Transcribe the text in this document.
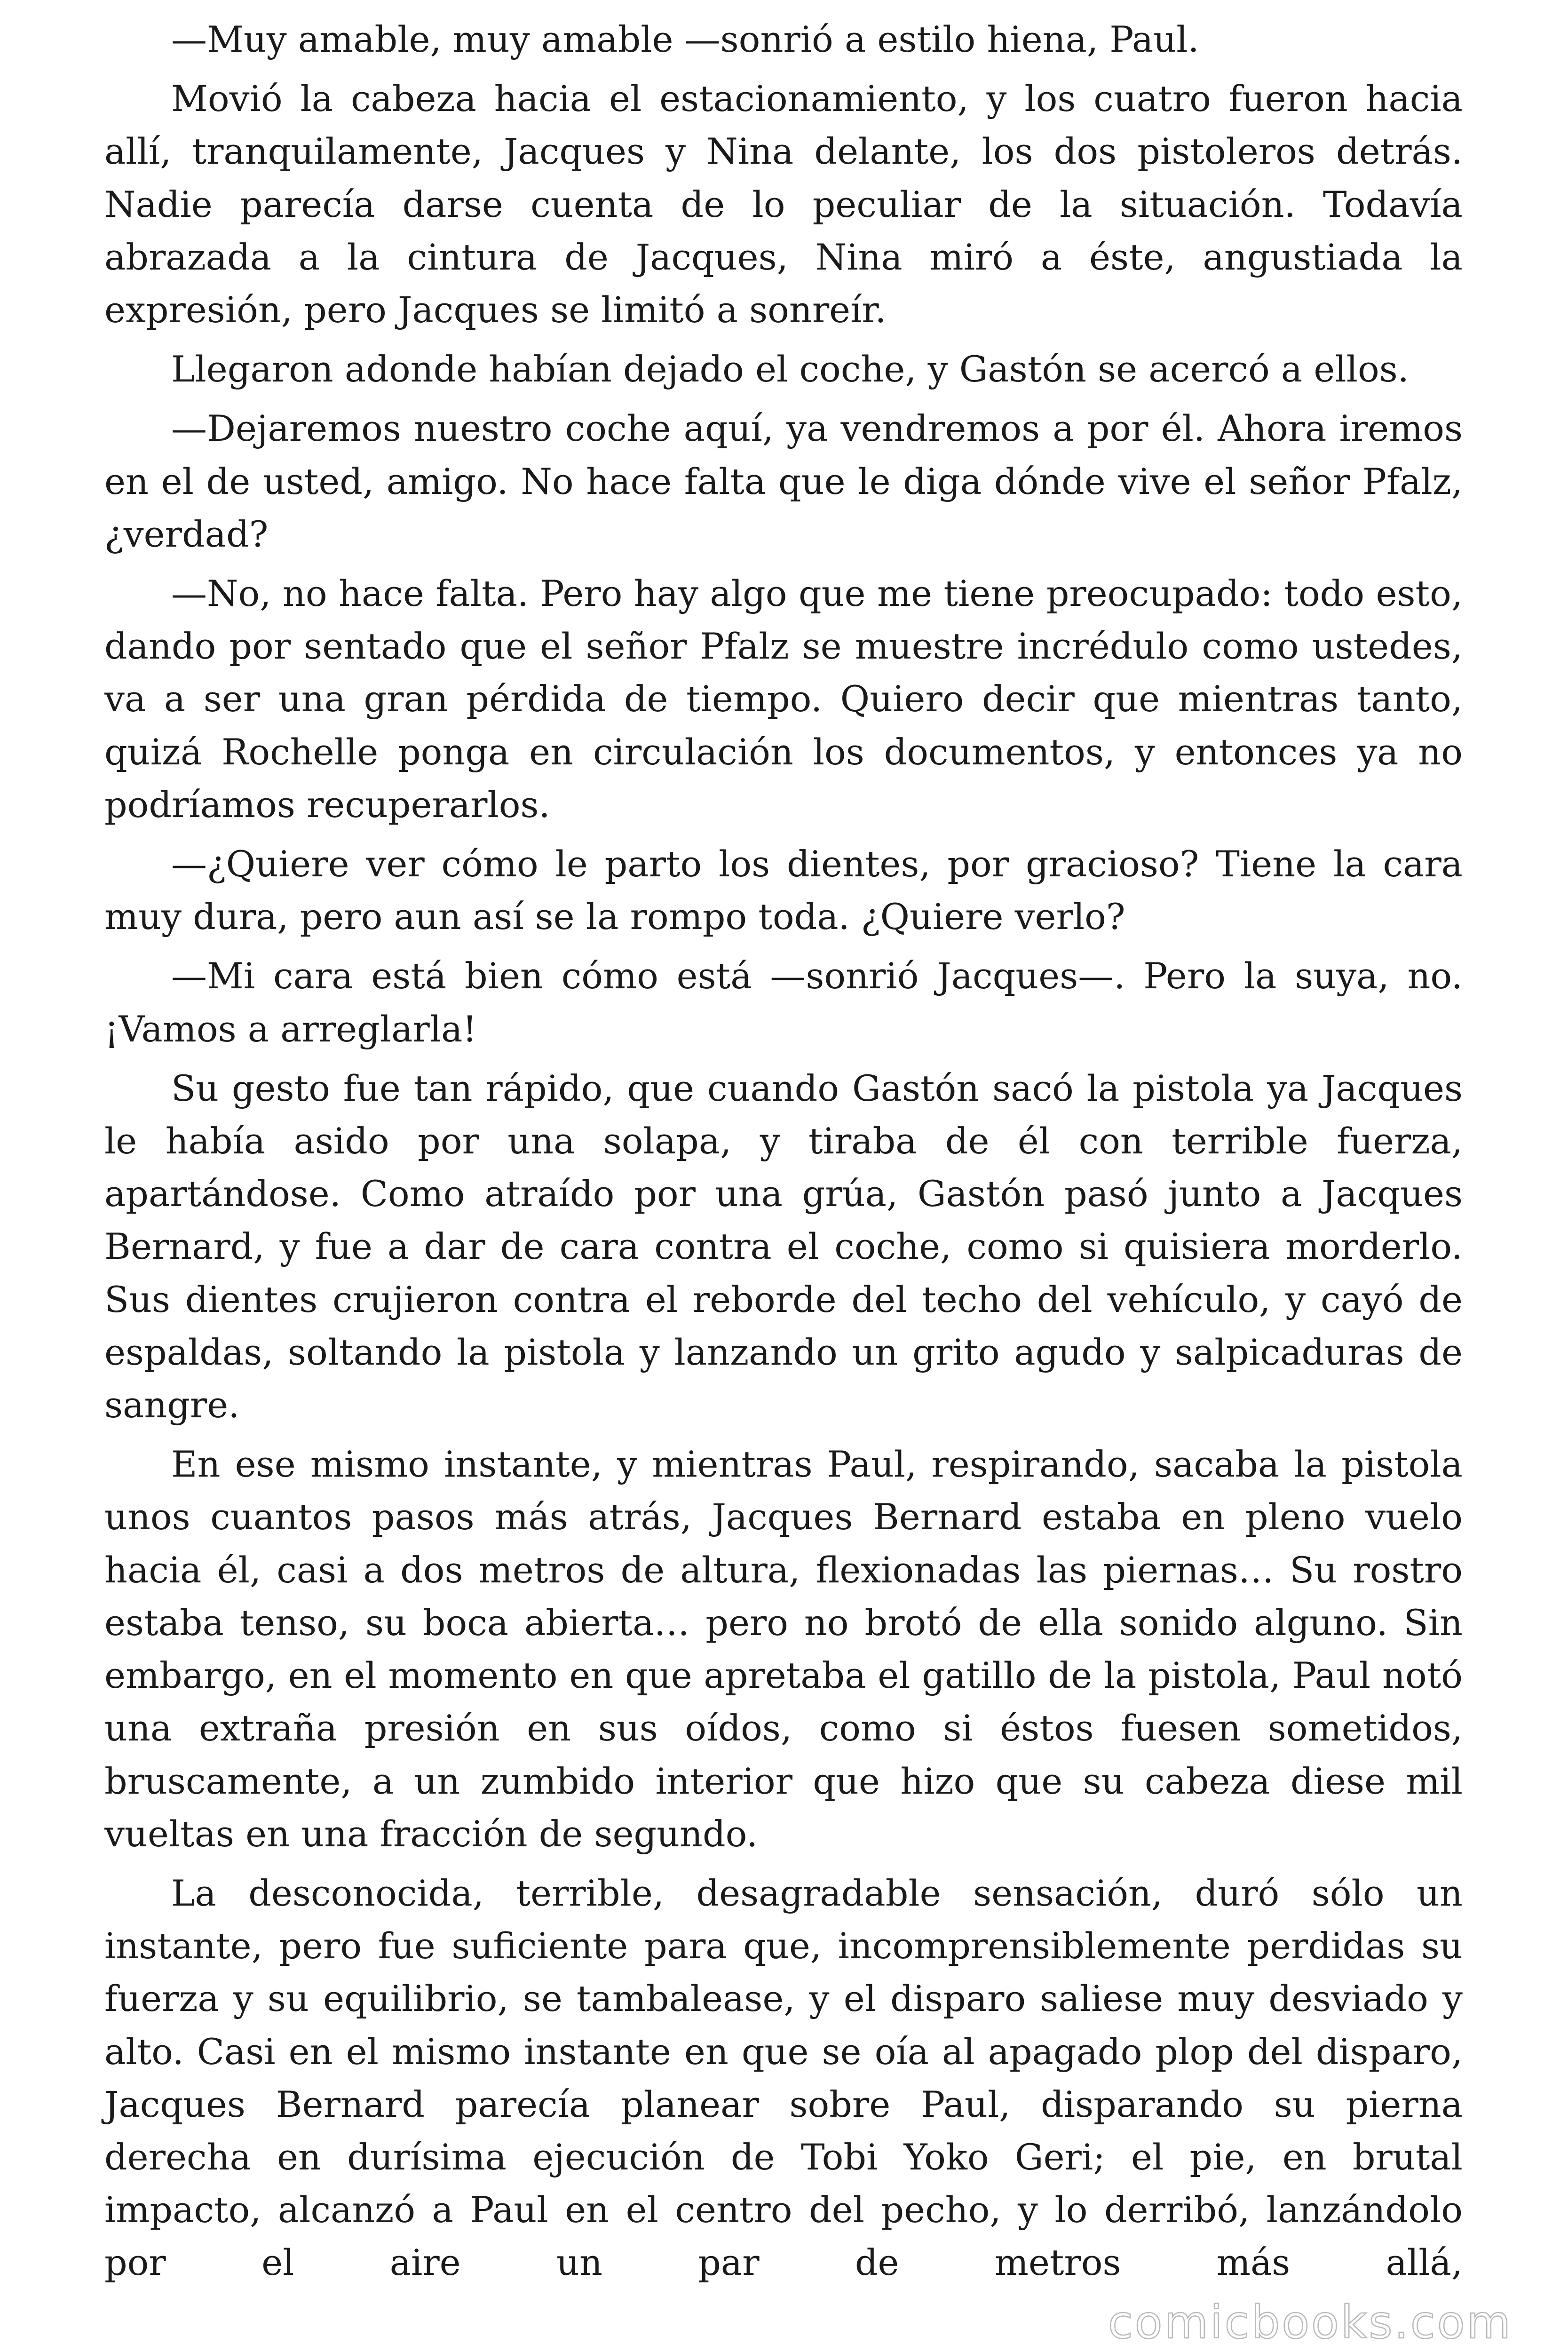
—Muy amable, muy amable —sonrió a estilo hiena, Paul.

Movió la cabeza hacia el estacionamiento, y los cuatro fueron hacia allí, tranquilamente, Jacques y Nina delante, los dos pistoleros detrás. Nadie parecía darse cuenta de lo peculiar de la situación. Todavía abrazada a la cintura de Jacques, Nina miró a éste, angustiada la expresión, pero Jacques se limitó a sonreír.

Llegaron adonde habían dejado el coche, y Gastón se acercó a ellos.

—Dejaremos nuestro coche aquí, ya vendremos a por él. Ahora iremos en el de usted, amigo. No hace falta que le diga dónde vive el señor Pfalz, ¿verdad?

—No, no hace falta. Pero hay algo que me tiene preocupado: todo esto, dando por sentado que el señor Pfalz se muestre incrédulo como ustedes, va a ser una gran pérdida de tiempo. Quiero decir que mientras tanto, quizá Rochelle ponga en circulación los documentos, y entonces ya no podríamos recuperarlos.

—¿Quiere ver cómo le parto los dientes, por gracioso? Tiene la cara muy dura, pero aun así se la rompo toda. ¿Quiere verlo?

—Mi cara está bien cómo está —sonrió Jacques—. Pero la suya, no. ¡Vamos a arreglarla!

Su gesto fue tan rápido, que cuando Gastón sacó la pistola ya Jacques le había asido por una solapa, y tiraba de él con terrible fuerza, apartándose. Como atraído por una grúa, Gastón pasó junto a Jacques Bernard, y fue a dar de cara contra el coche, como si quisiera morderlo. Sus dientes crujieron contra el reborde del techo del vehículo, y cayó de espaldas, soltando la pistola y lanzando un grito agudo y salpicaduras de sangre.

En ese mismo instante, y mientras Paul, respirando, sacaba la pistola unos cuantos pasos más atrás, Jacques Bernard estaba en pleno vuelo hacia él, casi a dos metros de altura, flexionadas las piernas… Su rostro estaba tenso, su boca abierta… pero no brotó de ella sonido alguno. Sin embargo, en el momento en que apretaba el gatillo de la pistola, Paul notó una extraña presión en sus oídos, como si éstos fuesen sometidos, bruscamente, a un zumbido interior que hizo que su cabeza diese mil vueltas en una fracción de segundo.

La desconocida, terrible, desagradable sensación, duró sólo un instante, pero fue suficiente para que, incomprensiblemente perdidas su fuerza y su equilibrio, se tambalease, y el disparo saliese muy desviado y alto. Casi en el mismo instante en que se oía al apagado plop del disparo, Jacques Bernard parecía planear sobre Paul, disparando su pierna derecha en durísima ejecución de Tobi Yoko Geri; el pie, en brutal impacto, alcanzó a Paul en el centro del pecho, y lo derribó, lanzándolo por el aire un par de metros más allá,

comicbooks.com
